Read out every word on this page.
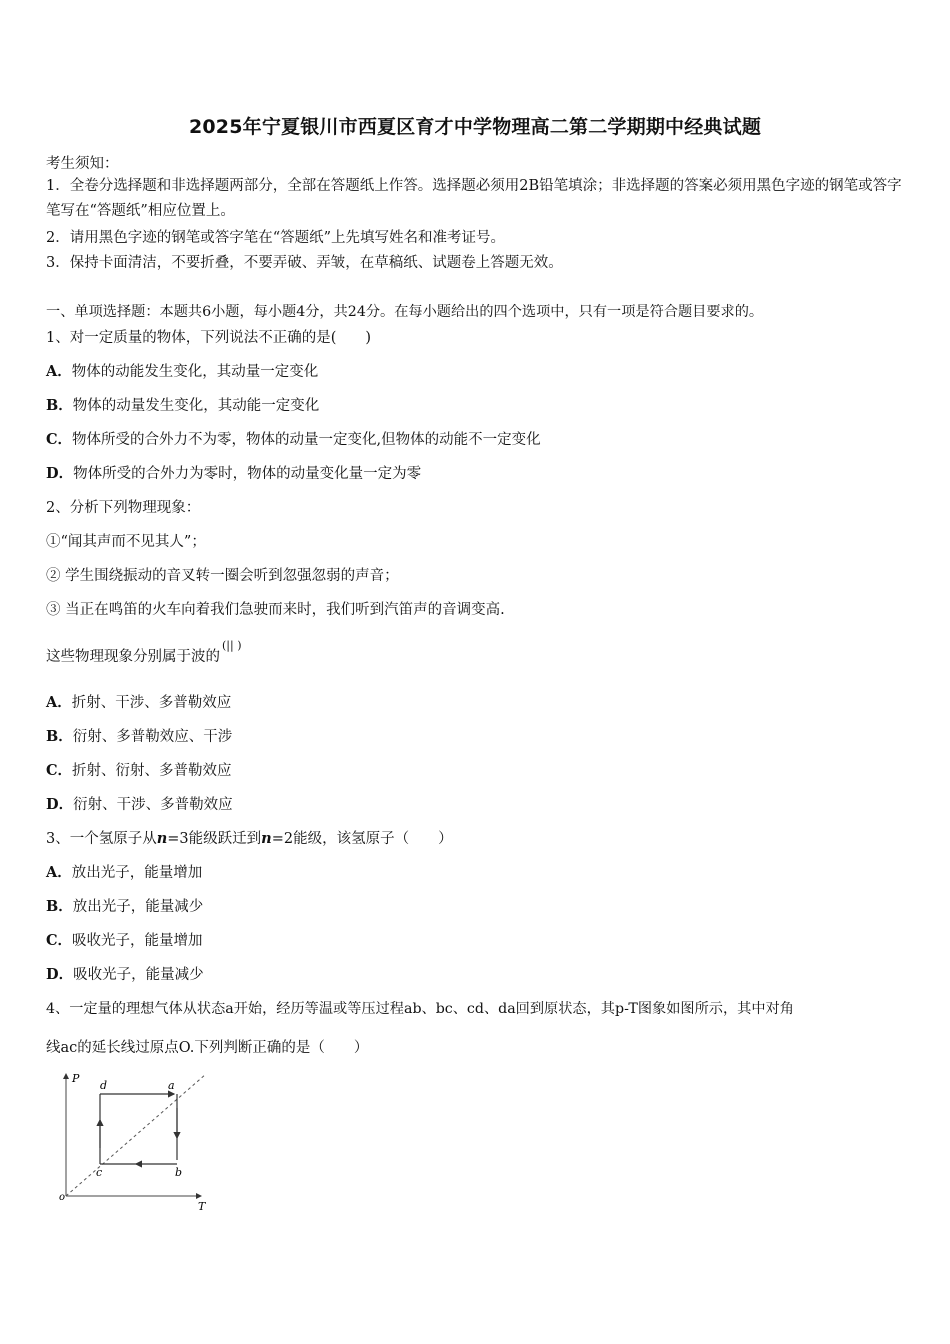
2025年宁夏银川市西夏区育才中学物理高二第二学期期中经典试题
考生须知：
1．全卷分选择题和非选择题两部分，全部在答题纸上作答。选择题必须用2B铅笔填涂；非选择题的答案必须用黑色字迹的钢笔或答字笔写在“答题纸”相应位置上。
2．请用黑色字迹的钢笔或答字笔在“答题纸”上先填写姓名和准考证号。
3．保持卡面清洁，不要折叠，不要弄破、弄皱，在草稿纸、试题卷上答题无效。
一、单项选择题：本题共6小题，每小题4分，共24分。在每小题给出的四个选项中，只有一项是符合题目要求的。
1、对一定质量的物体，下列说法不正确的是(　　)
A．物体的动能发生变化，其动量一定变化
B．物体的动量发生变化，其动能一定变化
C．物体所受的合外力不为零，物体的动量一定变化,但物体的动能不一定变化
D．物体所受的合外力为零时，物体的动量变化量一定为零
2、分析下列物理现象：
①“闻其声而不见其人”；
② 学生围绕振动的音叉转一圈会听到忽强忽弱的声音；
③ 当正在鸣笛的火车向着我们急驶而来时，我们听到汽笛声的音调变高.
这些物理现象分别属于波的(|| )
A．折射、干涉、多普勒效应
B．衍射、多普勒效应、干涉
C．折射、衍射、多普勒效应
D．衍射、干涉、多普勒效应
3、一个氢原子从n=3能级跃迁到n=2能级，该氢原子（　　）
A．放出光子，能量增加
B．放出光子，能量减少
C．吸收光子，能量增加
D．吸收光子，能量减少
4、一定量的理想气体从状态a开始，经历等温或等压过程ab、bc、cd、da回到原状态，其p-T图象如图所示，其中对角
线ac的延长线过原点O.下列判断正确的是（　　）
P
T
o
a
b
c
d
